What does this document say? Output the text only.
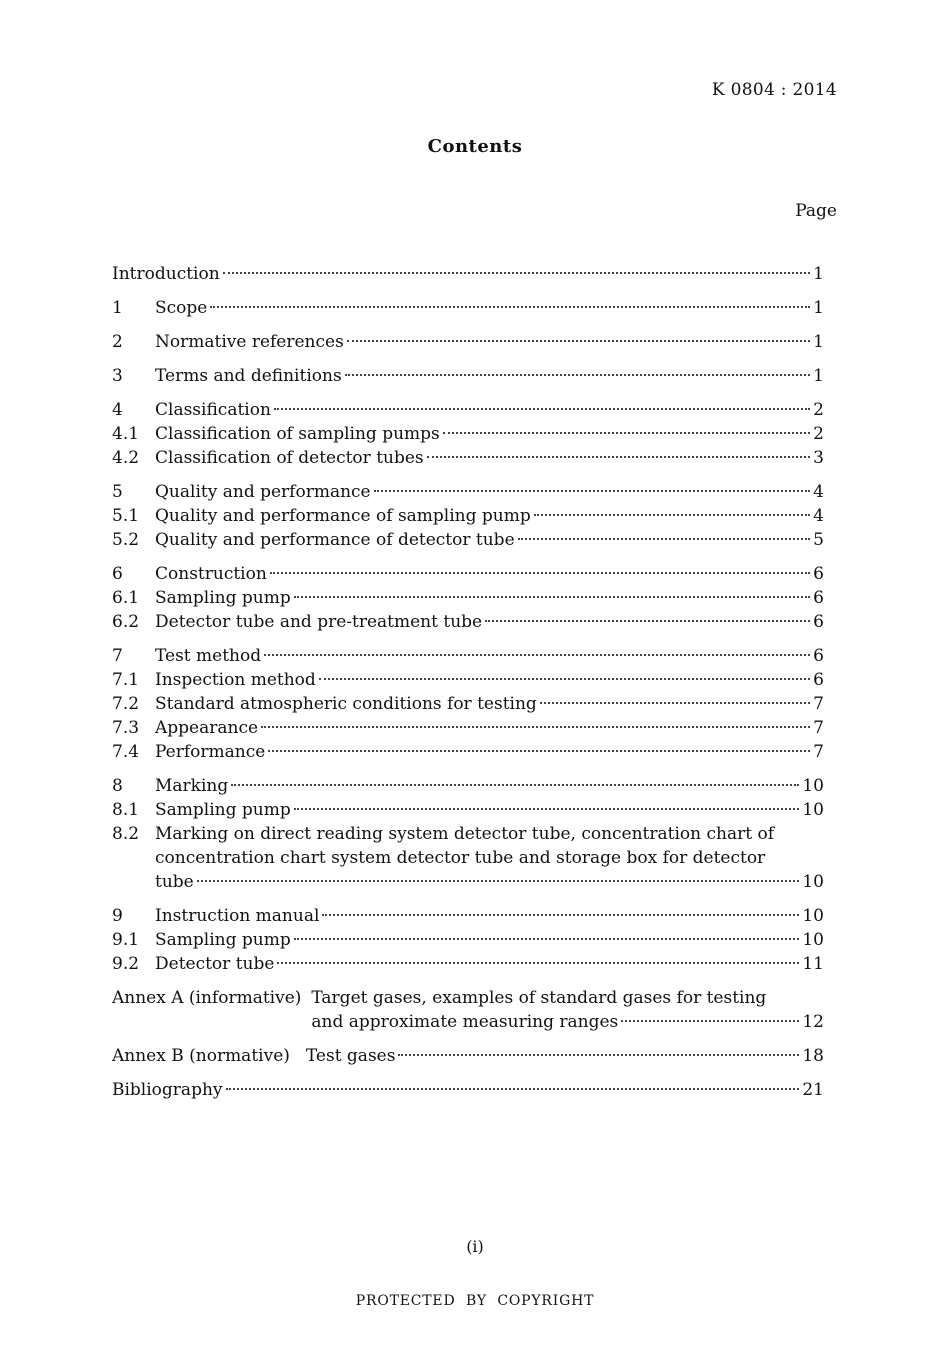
K 0804 : 2014
Contents
Page
Introduction	1
1	Scope	1
2	Normative references	1
3	Terms and definitions	1
4	Classification	2
4.1 Classification of sampling pumps	2
4.2 Classification of detector tubes	3
5	Quality and performance	4
5.1 Quality and performance of sampling pump	4
5.2 Quality and performance of detector tube	5
6	Construction	6
6.1 Sampling pump	6
6.2 Detector tube and pre-treatment tube	6
7	Test method	6
7.1 Inspection method	6
7.2 Standard atmospheric conditions for testing	7
7.3 Appearance	7
7.4 Performance	7
8	Marking	10
8.1 Sampling pump	10
8.2 Marking on direct reading system detector tube, concentration chart of
concentration chart system detector tube and storage box for detector
tube	10
9	Instruction manual	10
9.1 Sampling pump	10
9.2 Detector tube	11
Annex A (informative) Target gases, examples of standard gases for testing
and approximate measuring ranges	12
Annex B (normative) Test gases	18
Bibliography	21
(i)
PROTECTED  BY  COPYRIGHT
